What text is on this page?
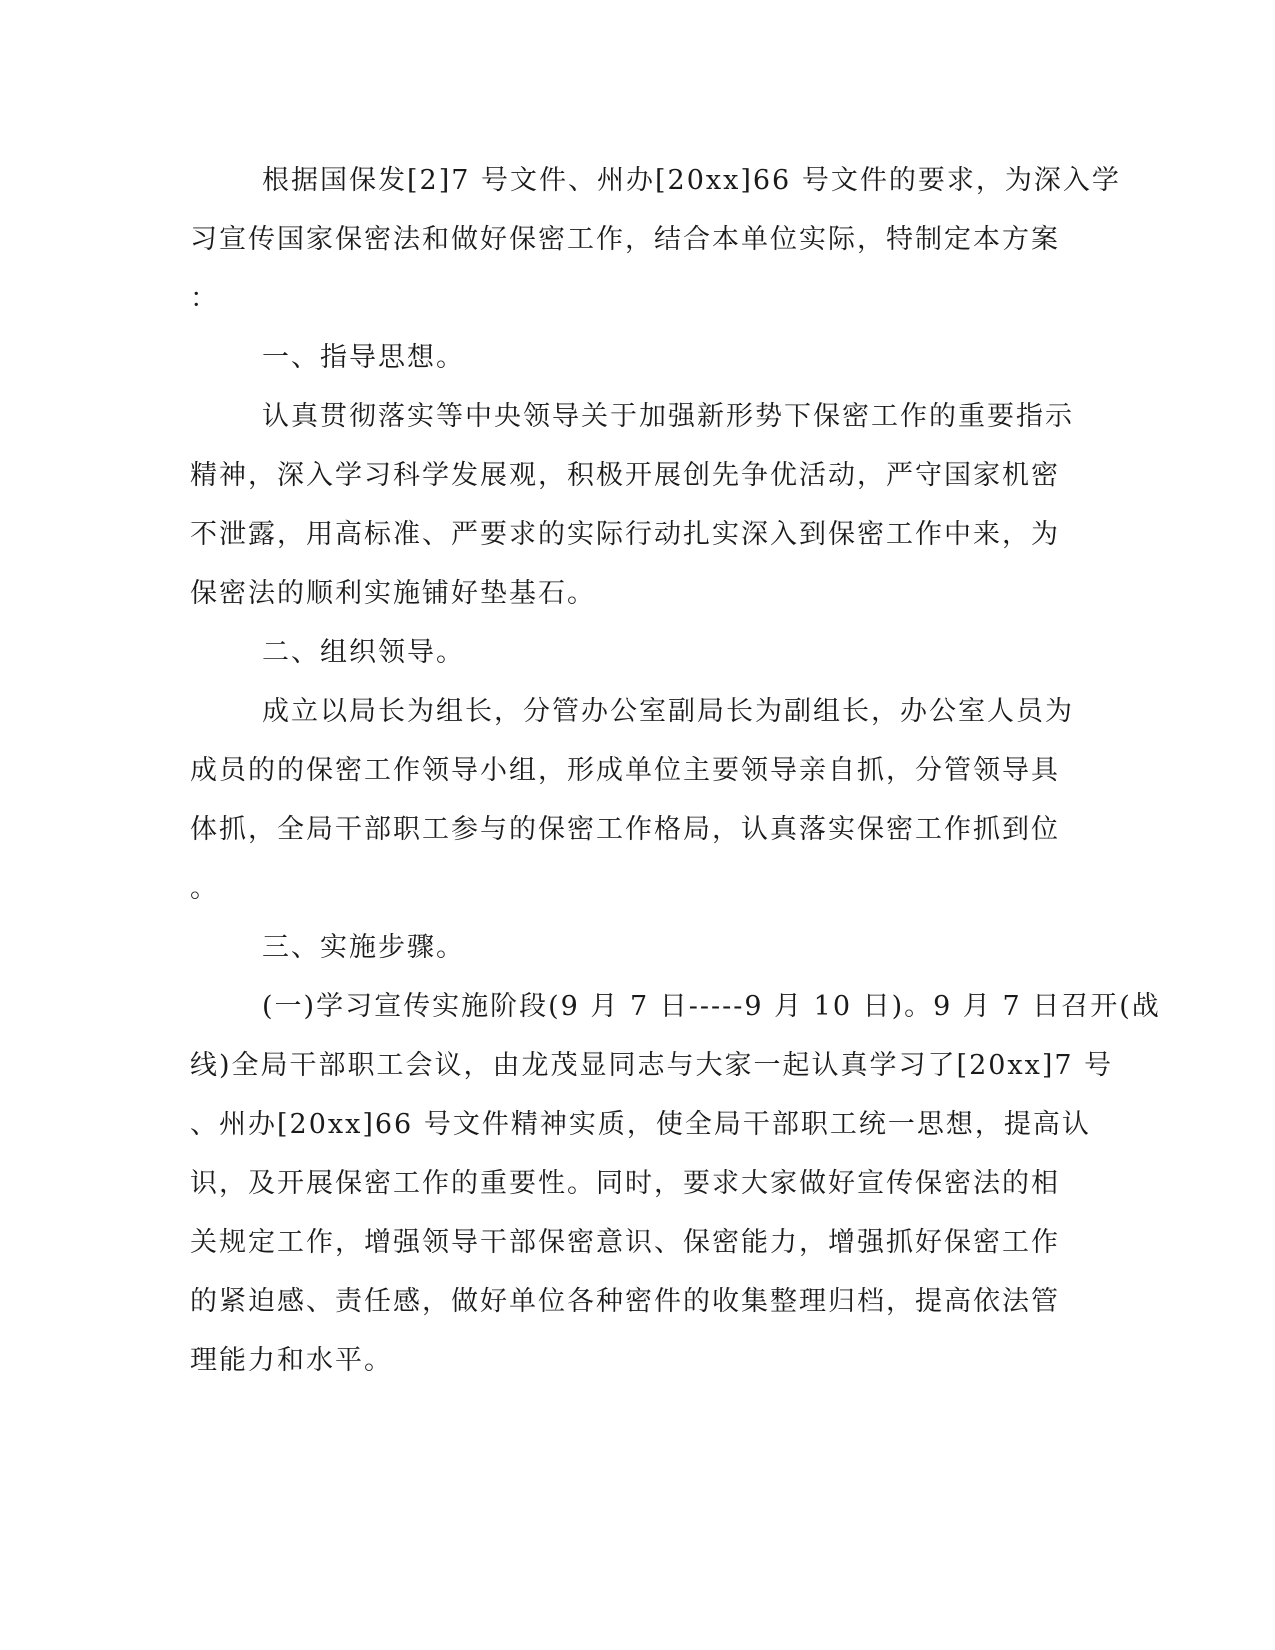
根据国保发[2]7 号文件、州办[20xx]66 号文件的要求，为深入学
习宣传国家保密法和做好保密工作，结合本单位实际，特制定本方案
：
一、指导思想。
认真贯彻落实等中央领导关于加强新形势下保密工作的重要指示
精神，深入学习科学发展观，积极开展创先争优活动，严守国家机密
不泄露，用高标准、严要求的实际行动扎实深入到保密工作中来，为
保密法的顺利实施铺好垫基石。
二、组织领导。
成立以局长为组长，分管办公室副局长为副组长，办公室人员为
成员的的保密工作领导小组，形成单位主要领导亲自抓，分管领导具
体抓，全局干部职工参与的保密工作格局，认真落实保密工作抓到位
。
三、实施步骤。
(一)学习宣传实施阶段(9 月 7 日-----9 月 10 日)。9 月 7 日召开(战
线)全局干部职工会议，由龙茂显同志与大家一起认真学习了[20xx]7 号
、州办[20xx]66 号文件精神实质，使全局干部职工统一思想，提高认
识，及开展保密工作的重要性。同时，要求大家做好宣传保密法的相
关规定工作，增强领导干部保密意识、保密能力，增强抓好保密工作
的紧迫感、责任感，做好单位各种密件的收集整理归档，提高依法管
理能力和水平。
